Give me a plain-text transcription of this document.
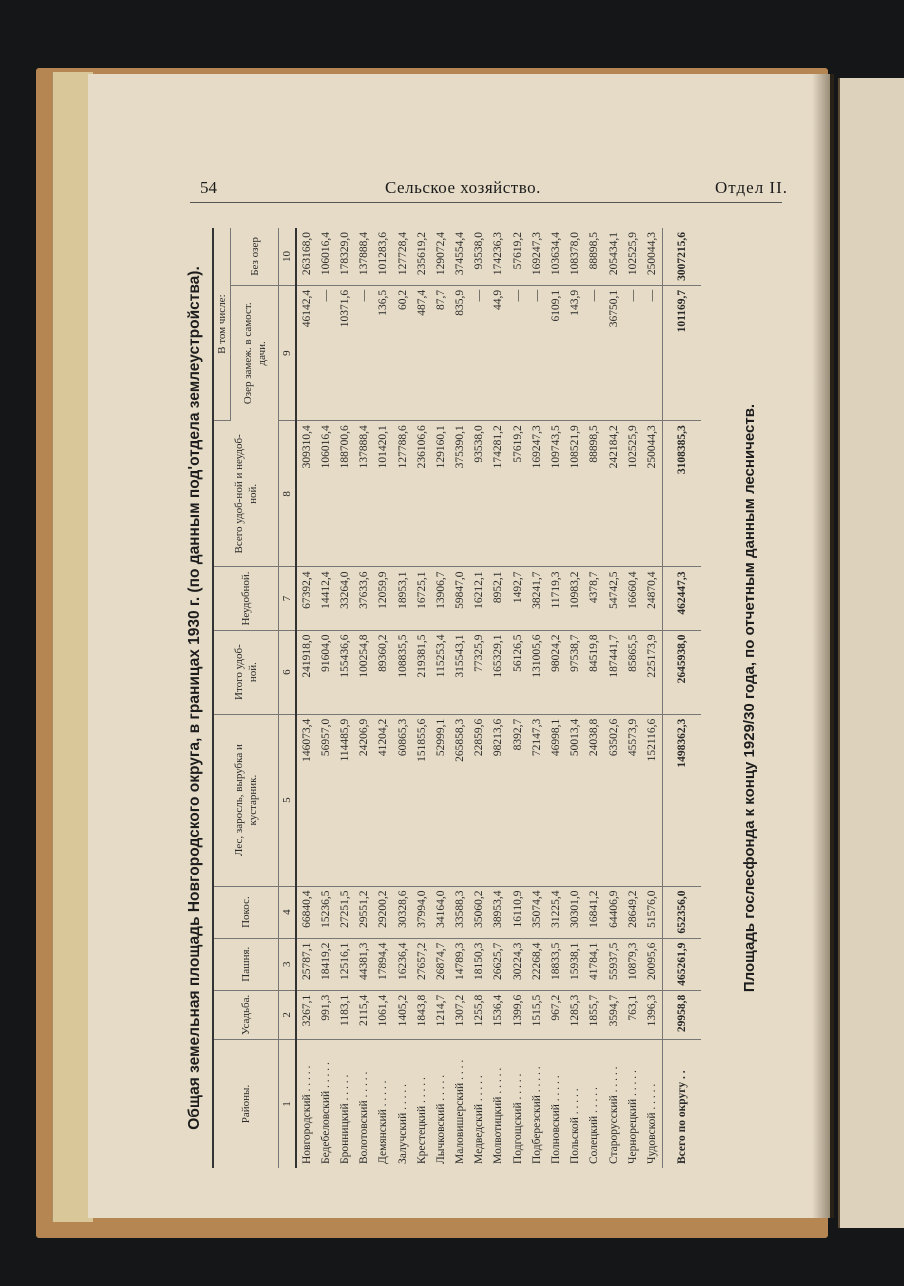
54	Сельское хозяйство.	Отдел II.
Общая земельная площадь Новгородского округа, в границах 1930 г. (по данным под'отдела землеустройства).	Районы.	Усадьба.	Пашня.	Покос.	Лес, заросль, вырубка и кустарник.	Итого удоб-ной.	Неудобной.	Всего удоб-ной и неудоб-ной.	В том числе:	
								Озер замеж. в самост. дачи.	Без озер
1	2	3	4	5	6	7	8	9	10
Новгородский . . . . .	3267,1	25787,1	66840,4	146073,4	241918,0	67392,4	309310,4	46142,4	263168,0
Бедебеловский . . . . .	991,3	18419,2	15236,5	56957,0	91604,0	14412,4	106016,4	—	106016,4
Бронницкий . . . . .	1183,1	12516,1	27251,5	114485,9	155436,6	33264,0	188700,6	10371,6	178329,0
Волотовский . . . . .	2115,4	44381,3	29551,2	24206,9	100254,8	37633,6	137888,4	—	137888,4
Демянский . . . . .	1061,4	17894,4	29200,2	41204,2	89360,2	12059,9	101420,1	136,5	101283,6
Залучский . . . . .	1405,2	16236,4	30328,6	60865,3	108835,5	18953,1	127788,6	60,2	127728,4
Крестецкий . . . . .	1843,8	27657,2	37994,0	151855,6	219381,5	16725,1	236106,6	487,4	235619,2
Лычковский . . . . .	1214,7	26874,7	34164,0	52999,1	115253,4	13906,7	129160,1	87,7	129072,4
Маловишерский . . . .	1307,2	14789,3	33588,3	265858,3	315543,1	59847,0	375390,1	835,9	374554,4
Медведский . . . . .	1255,8	18150,3	35060,2	22859,6	77325,9	16212,1	93538,0	—	93538,0
Молвотицкий . . . . .	1536,4	26625,7	38953,4	98213,6	165329,1	8952,1	174281,2	44,9	174236,3
Подгощский . . . . .	1399,6	30224,3	16110,9	8392,7	56126,5	1492,7	57619,2	—	57619,2
Подберезский . . . . .	1515,5	22268,4	35074,4	72147,3	131005,6	38241,7	169247,3	—	169247,3
Полновский . . . . .	967,2	18833,5	31225,4	46998,1	98024,2	11719,3	109743,5	6109,1	103634,4
Польской . . . . .	1285,3	15938,1	30301,0	50013,4	97538,7	10983,2	108521,9	143,9	108378,0
Солецкий . . . . .	1855,7	41784,1	16841,2	24038,8	84519,8	4378,7	88898,5	—	88898,5
Старорусский . . . . .	3594,7	55937,5	64406,9	63502,6	187441,7	54742,5	242184,2	36750,1	205434,1
Чернорецкий . . . . .	763,1	10879,3	28649,2	45573,9	85865,5	16660,4	102525,9	—	102525,9
Чудовской . . . . .	1396,3	20095,6	51576,0	152116,6	225173,9	24870,4	250044,3	—	250044,3
Всего по округу . .	29958,8	465261,9	652356,0	1498362,3	2645938,0	462447,3	3108385,3	101169,7	3007215,6
Площадь гослесфонда к концу 1929/30 года, по отчетным данным лесничеств.
